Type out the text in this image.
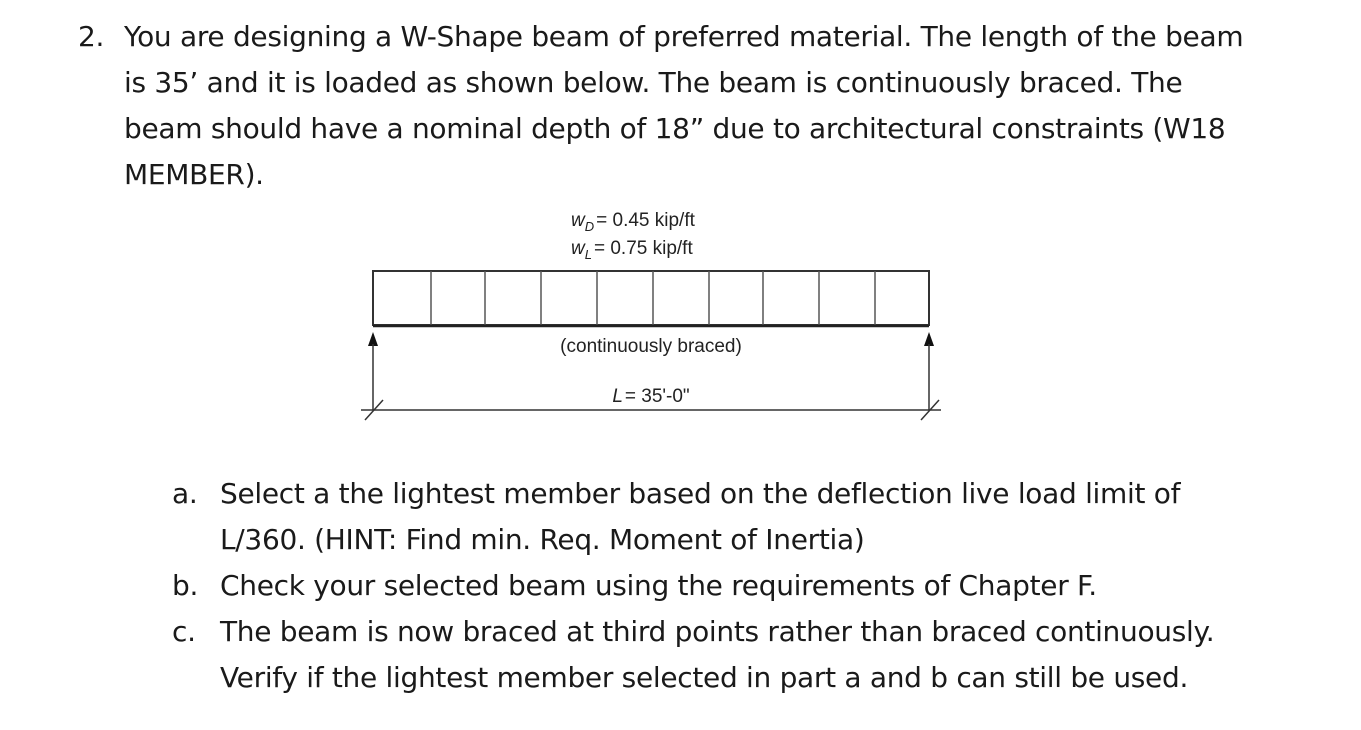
2. You are designing a W-Shape beam of preferred material. The length of the beam
is 35’ and it is loaded as shown below. The beam is continuously braced. The
beam should have a nominal depth of 18” due to architectural constraints (W18
MEMBER).
$w_D = 0.45$ kip/ft
$w_L = 0.75$ kip/ft
(continuously braced)
L = 35'-0"
a. Select a the lightest member based on the deflection live load limit of
L/360. (HINT: Find min. Req. Moment of Inertia)
b. Check your selected beam using the requirements of Chapter F.
c. The beam is now braced at third points rather than braced continuously.
Verify if the lightest member selected in part a and b can still be used.
